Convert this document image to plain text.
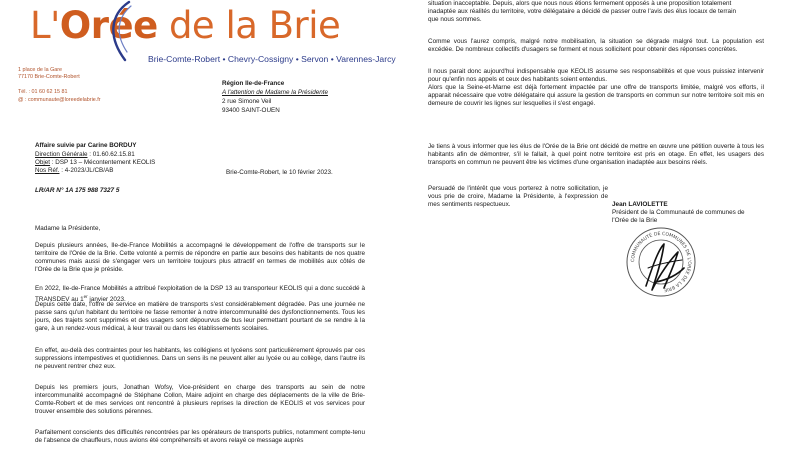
L'Orée de la Brie
Brie-Comte-Robert • Chevry-Cossigny • Servon • Varennes-Jarcy
1 place de la Gare
77170 Brie-Comte-Robert
Tél. : 01 60 62 15 81
@ : communaute@loreedelabrie.fr
Région Ile-de-France
A l'attention de Madame la Présidente
2 rue Simone Veil
93400 SAINT-OUEN
Affaire suivie par Carine BORDUY
Direction Générale : 01.60.62.15.81
Objet : DSP 13 – Mécontentement KEOLIS
Nos Réf. : 4-2023/JL/CB/AB	Brie-Comte-Robert, le 10 février 2023.
LR/AR N° 1A 175 988 7327 5

Madame la Présidente,

Depuis plusieurs années, Ile-de-France Mobilités a accompagné le développement de l'offre de transports sur le territoire de l'Orée de la Brie. Cette volonté a permis de répondre en partie aux besoins des habitants de nos quatre communes mais aussi de s'engager vers un territoire toujours plus attractif en termes de mobilités aux côtés de l'Orée de la Brie que je préside.

En 2022, Ile-de-France Mobilités a attribué l'exploitation de la DSP 13 au transporteur KEOLIS qui a donc succédé à TRANSDEV au 1er janvier 2023.

Depuis cette date, l'offre de service en matière de transports s'est considérablement dégradée. Pas une journée ne passe sans qu'un habitant du territoire ne fasse remonter à notre intercommunalité des dysfonctionnements. Tous les jours, des trajets sont supprimés et des usagers sont dépourvus de bus leur permettant pourtant de se rendre à la gare, à un rendez-vous médical, à leur travail ou dans les établissements scolaires.

En effet, au-delà des contraintes pour les habitants, les collégiens et lycéens sont particulièrement éprouvés par ces suppressions intempestives et quotidiennes. Dans un sens ils ne peuvent aller au lycée ou au collège, dans l'autre ils ne peuvent rentrer chez eux.

Depuis les premiers jours, Jonathan Wofsy, Vice-président en charge des transports au sein de notre intercommunalité accompagné de Stéphane Collon, Maire adjoint en charge des déplacements de la ville de Brie-Comte-Robert et de mes services ont rencontré à plusieurs reprises la direction de KEOLIS et vos services pour trouver ensemble des solutions pérennes.

Parfaitement conscients des difficultés rencontrées par les opérateurs de transports publics, notamment compte-tenu de l'absence de chauffeurs, nous avions été compréhensifs et avons relayé ce message auprès

situation inacceptable. Depuis, alors que nous nous étions fermement opposés à une proposition totalement
inadaptée aux réalités du territoire, votre délégataire a décidé de passer outre l'avis des élus locaux de terrain
que nous sommes.

Comme vous l'aurez compris, malgré notre mobilisation, la situation se dégrade malgré tout. La population est excédée. De nombreux collectifs d'usagers se forment et nous sollicitent pour obtenir des réponses concrètes.

Il nous parait donc aujourd'hui indispensable que KEOLIS assume ses responsabilités et que vous puissiez intervenir pour qu'enfin nos appels et ceux des habitants soient entendus.

Alors que la Seine-et-Marne est déjà fortement impactée par une offre de transports limitée, malgré vos efforts, il apparait nécessaire que votre délégataire qui assure la gestion de transports en commun sur notre territoire soit mis en demeure de couvrir les lignes sur lesquelles il s'est engagé.

Je tiens à vous informer que les élus de l'Orée de la Brie ont décidé de mettre en œuvre une pétition ouverte à tous les habitants afin de démontrer, s'il le fallait, à quel point notre territoire est pris en otage. En effet, les usagers des transports en commun ne peuvent être les victimes d'une organisation inadaptée aux besoins réels.

Persuadé de l'intérêt que vous porterez à notre sollicitation, je vous prie de croire, Madame la Présidente, à l'expression de mes sentiments respectueux.	Jean LAVIOLETTE
Président de la Communauté de communes de l'Orée de la Brie
COMMUNAUTÉ DE COMMUNES DE L'ORÉE DE LA BRIE
